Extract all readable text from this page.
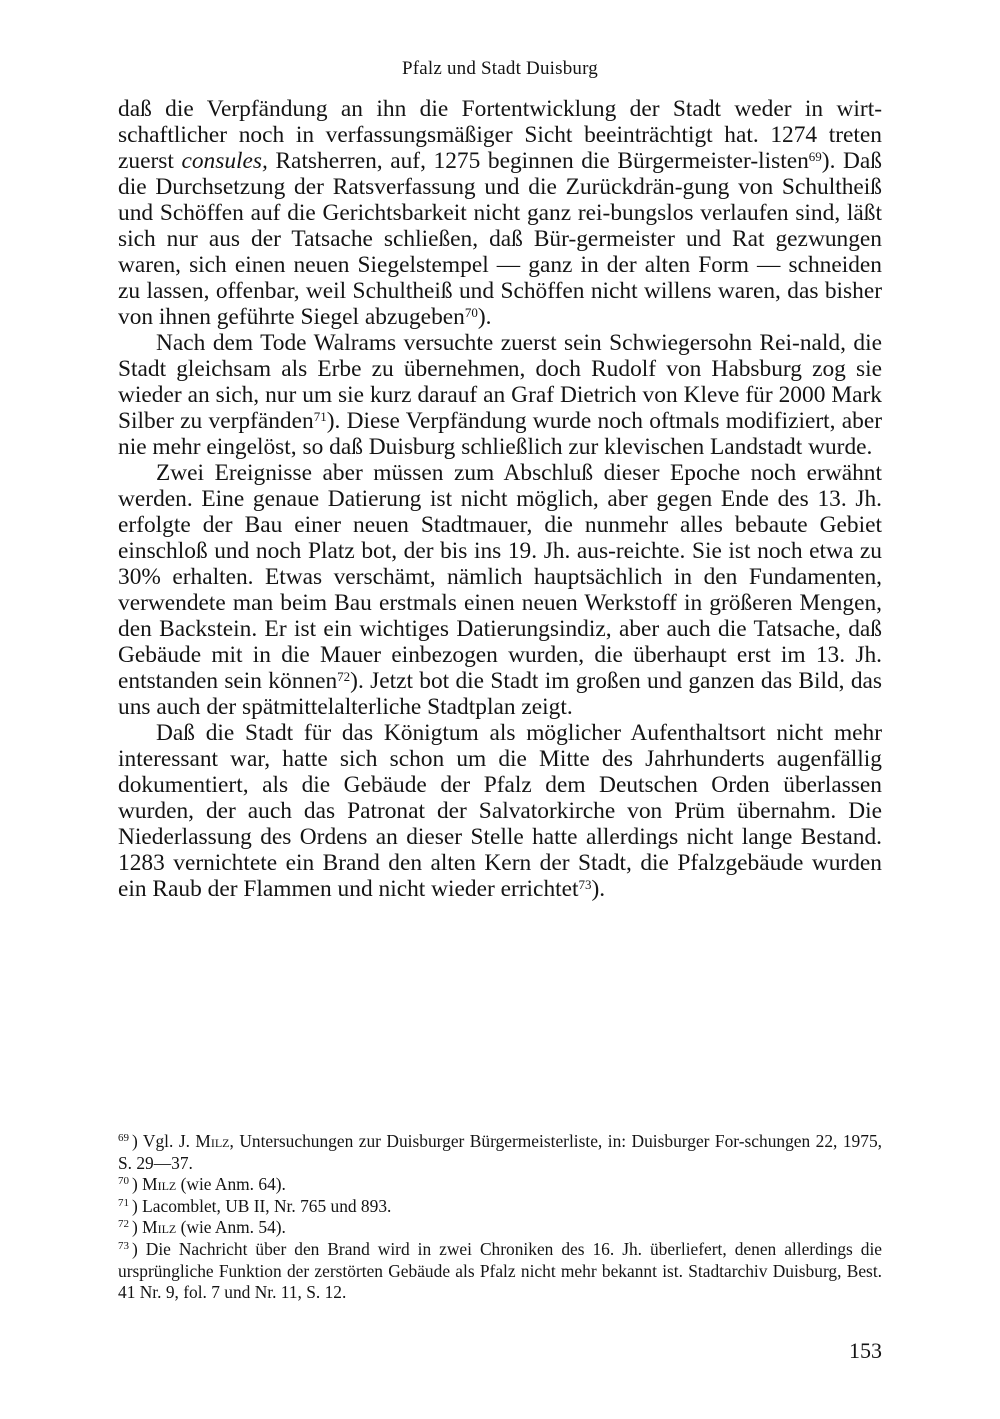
Pfalz und Stadt Duisburg

daß die Verpfändung an ihn die Fortentwicklung der Stadt weder in wirt-schaftlicher noch in verfassungsmäßiger Sicht beeinträchtigt hat. 1274 treten zuerst consules, Ratsherren, auf, 1275 beginnen die Bürgermeister-listen$^{69}$). Daß die Durchsetzung der Ratsverfassung und die Zurückdrän-gung von Schultheiß und Schöffen auf die Gerichtsbarkeit nicht ganz rei-bungslos verlaufen sind, läßt sich nur aus der Tatsache schließen, daß Bür-germeister und Rat gezwungen waren, sich einen neuen Siegelstempel — ganz in der alten Form — schneiden zu lassen, offenbar, weil Schultheiß und Schöffen nicht willens waren, das bisher von ihnen geführte Siegel abzugeben$^{70}$).

Nach dem Tode Walrams versuchte zuerst sein Schwiegersohn Rei-nald, die Stadt gleichsam als Erbe zu übernehmen, doch Rudolf von Habsburg zog sie wieder an sich, nur um sie kurz darauf an Graf Dietrich von Kleve für 2000 Mark Silber zu verpfänden$^{71}$). Diese Verpfändung wurde noch oftmals modifiziert, aber nie mehr eingelöst, so daß Duisburg schließlich zur klevischen Landstadt wurde.

Zwei Ereignisse aber müssen zum Abschluß dieser Epoche noch erwähnt werden. Eine genaue Datierung ist nicht möglich, aber gegen Ende des 13. Jh. erfolgte der Bau einer neuen Stadtmauer, die nunmehr alles bebaute Gebiet einschloß und noch Platz bot, der bis ins 19. Jh. aus-reichte. Sie ist noch etwa zu 30% erhalten. Etwas verschämt, nämlich hauptsächlich in den Fundamenten, verwendete man beim Bau erstmals einen neuen Werkstoff in größeren Mengen, den Backstein. Er ist ein wichtiges Datierungsindiz, aber auch die Tatsache, daß Gebäude mit in die Mauer einbezogen wurden, die überhaupt erst im 13. Jh. entstanden sein können$^{72}$). Jetzt bot die Stadt im großen und ganzen das Bild, das uns auch der spätmittelalterliche Stadtplan zeigt.

Daß die Stadt für das Königtum als möglicher Aufenthaltsort nicht mehr interessant war, hatte sich schon um die Mitte des Jahrhunderts augenfällig dokumentiert, als die Gebäude der Pfalz dem Deutschen Orden überlassen wurden, der auch das Patronat der Salvatorkirche von Prüm übernahm. Die Niederlassung des Ordens an dieser Stelle hatte allerdings nicht lange Bestand. 1283 vernichtete ein Brand den alten Kern der Stadt, die Pfalzgebäude wurden ein Raub der Flammen und nicht wieder errichtet$^{73}$).

$^{69}$ ) Vgl. J. Milz, Untersuchungen zur Duisburger Bürgermeisterliste, in: Duisburger For-schungen 22, 1975, S. 29—37.

$^{70}$ ) Milz (wie Anm. 64).

$^{71}$ ) Lacomblet, UB II, Nr. 765 und 893.

$^{72}$ ) Milz (wie Anm. 54).

$^{73}$ ) Die Nachricht über den Brand wird in zwei Chroniken des 16. Jh. überliefert, denen allerdings die ursprüngliche Funktion der zerstörten Gebäude als Pfalz nicht mehr bekannt ist. Stadtarchiv Duisburg, Best. 41 Nr. 9, fol. 7 und Nr. 11, S. 12.

153
